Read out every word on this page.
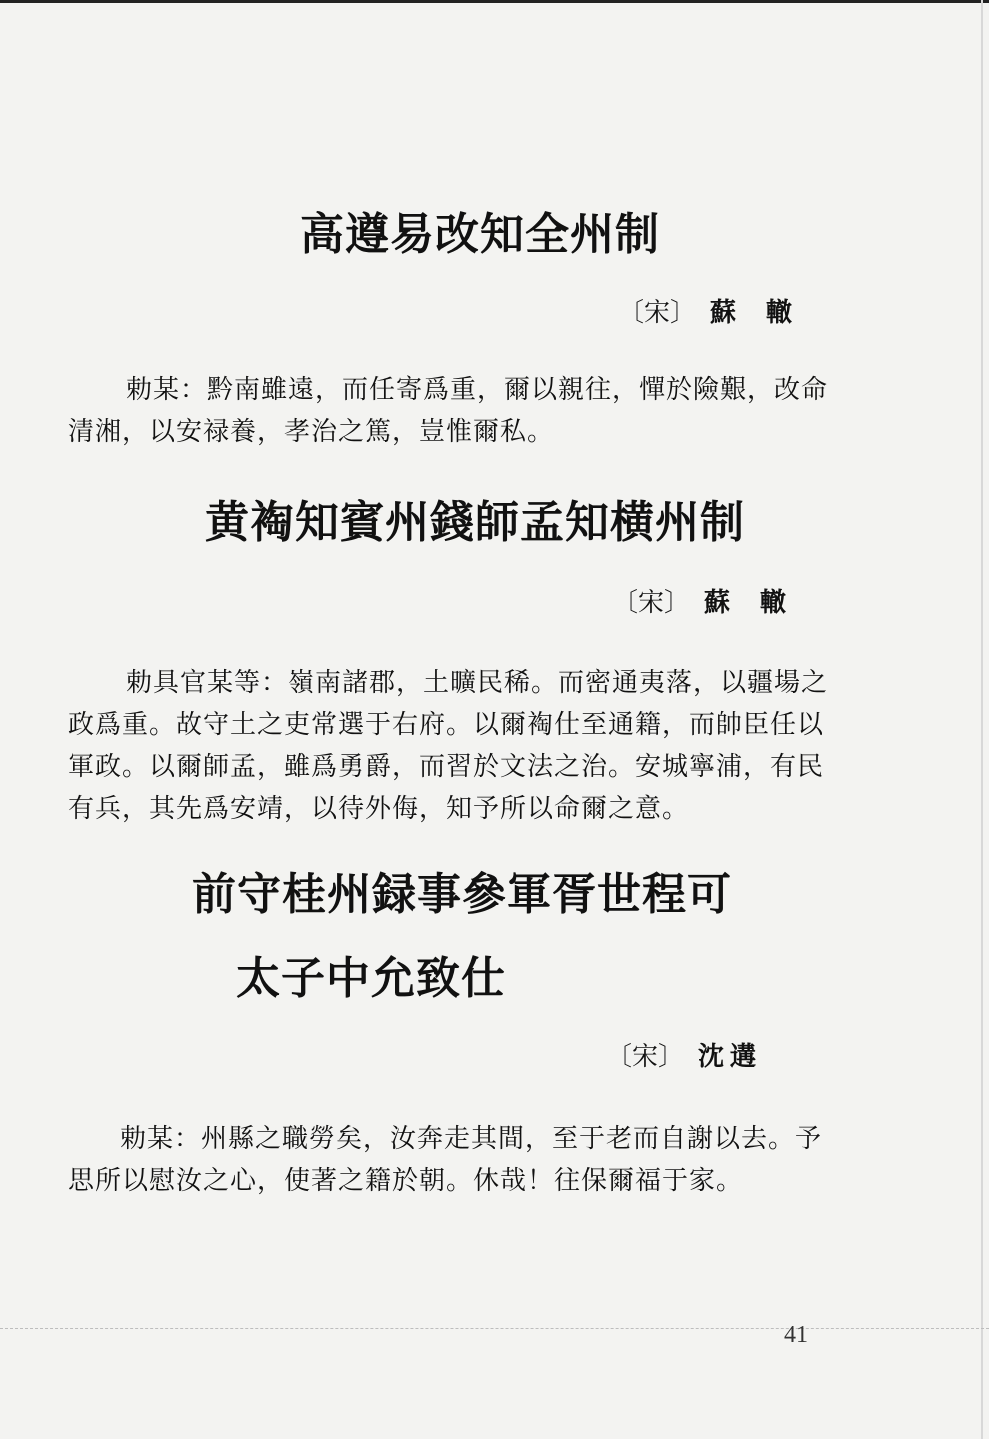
高遵易改知全州制
〔宋〕 蘇轍
勅某：黔南雖遠，而任寄爲重，爾以親往，憚於險艱，改命
清湘，以安禄養，孝治之篤，豈惟爾私。
黄裪知賓州錢師孟知横州制
〔宋〕 蘇轍
勅具官某等：嶺南諸郡，土曠民稀。而密通夷落，以疆場之
政爲重。故守土之吏常選于右府。以爾裪仕至通籍，而帥臣任以
軍政。以爾師孟，雖爲勇爵，而習於文法之治。安城寧浦，有民
有兵，其先爲安靖，以待外侮，知予所以命爾之意。
前守桂州録事參軍胥世程可
太子中允致仕
〔宋〕 沈遘
勅某：州縣之職勞矣，汝奔走其間，至于老而自謝以去。予
思所以慰汝之心，使著之籍於朝。休哉！往保爾福于家。
41
